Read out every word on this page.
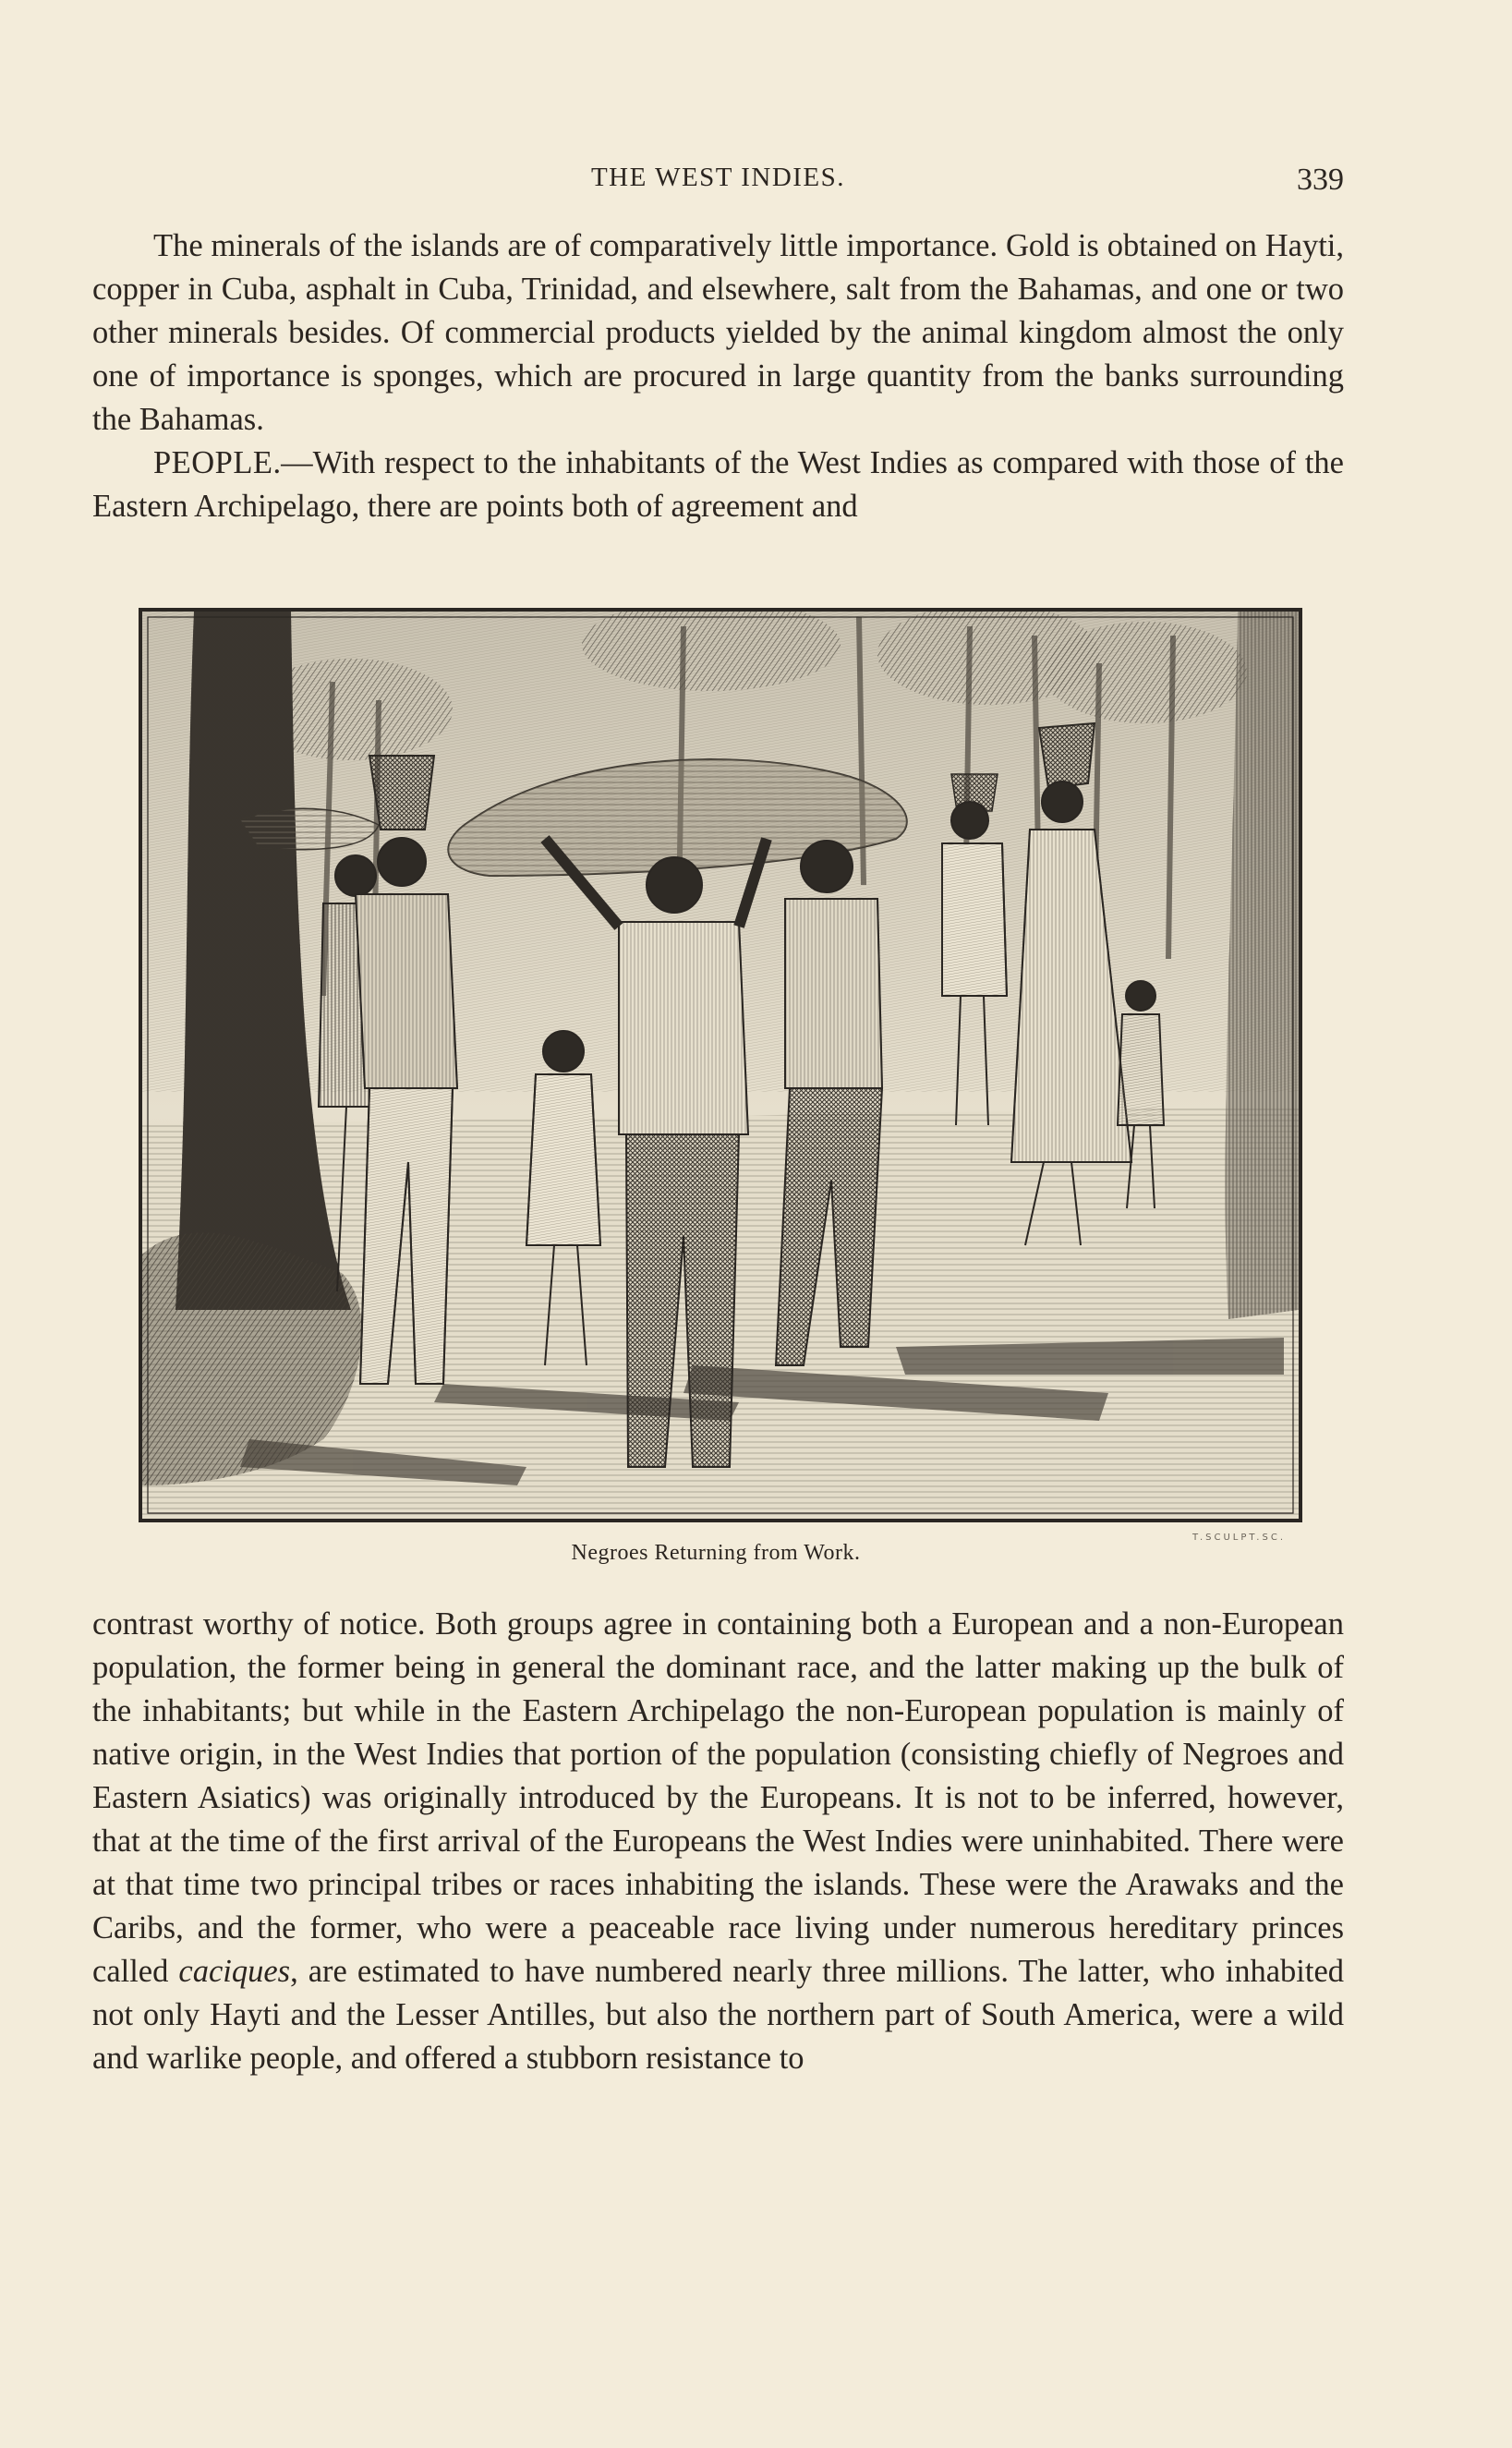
THE WEST INDIES.	339

The minerals of the islands are of comparatively little importance. Gold is obtained on Hayti, copper in Cuba, asphalt in Cuba, Trinidad, and elsewhere, salt from the Bahamas, and one or two other minerals besides. Of commercial products yielded by the animal kingdom almost the only one of importance is sponges, which are procured in large quantity from the banks surrounding the Bahamas.

PEOPLE.—With respect to the inhabitants of the West Indies as compared with those of the Eastern Archipelago, there are points both of agreement and

T.SCULPT.SC.
Negroes Returning from Work.

contrast worthy of notice. Both groups agree in containing both a European and a non-European population, the former being in general the dominant race, and the latter making up the bulk of the inhabitants; but while in the Eastern Archipelago the non-European population is mainly of native origin, in the West Indies that portion of the population (consisting chiefly of Negroes and Eastern Asiatics) was originally introduced by the Europeans. It is not to be inferred, however, that at the time of the first arrival of the Europeans the West Indies were uninhabited. There were at that time two principal tribes or races inhabiting the islands. These were the Arawaks and the Caribs, and the former, who were a peaceable race living under numerous hereditary princes called caciques, are estimated to have numbered nearly three millions. The latter, who inhabited not only Hayti and the Lesser Antilles, but also the northern part of South America, were a wild and warlike people, and offered a stubborn resistance to
